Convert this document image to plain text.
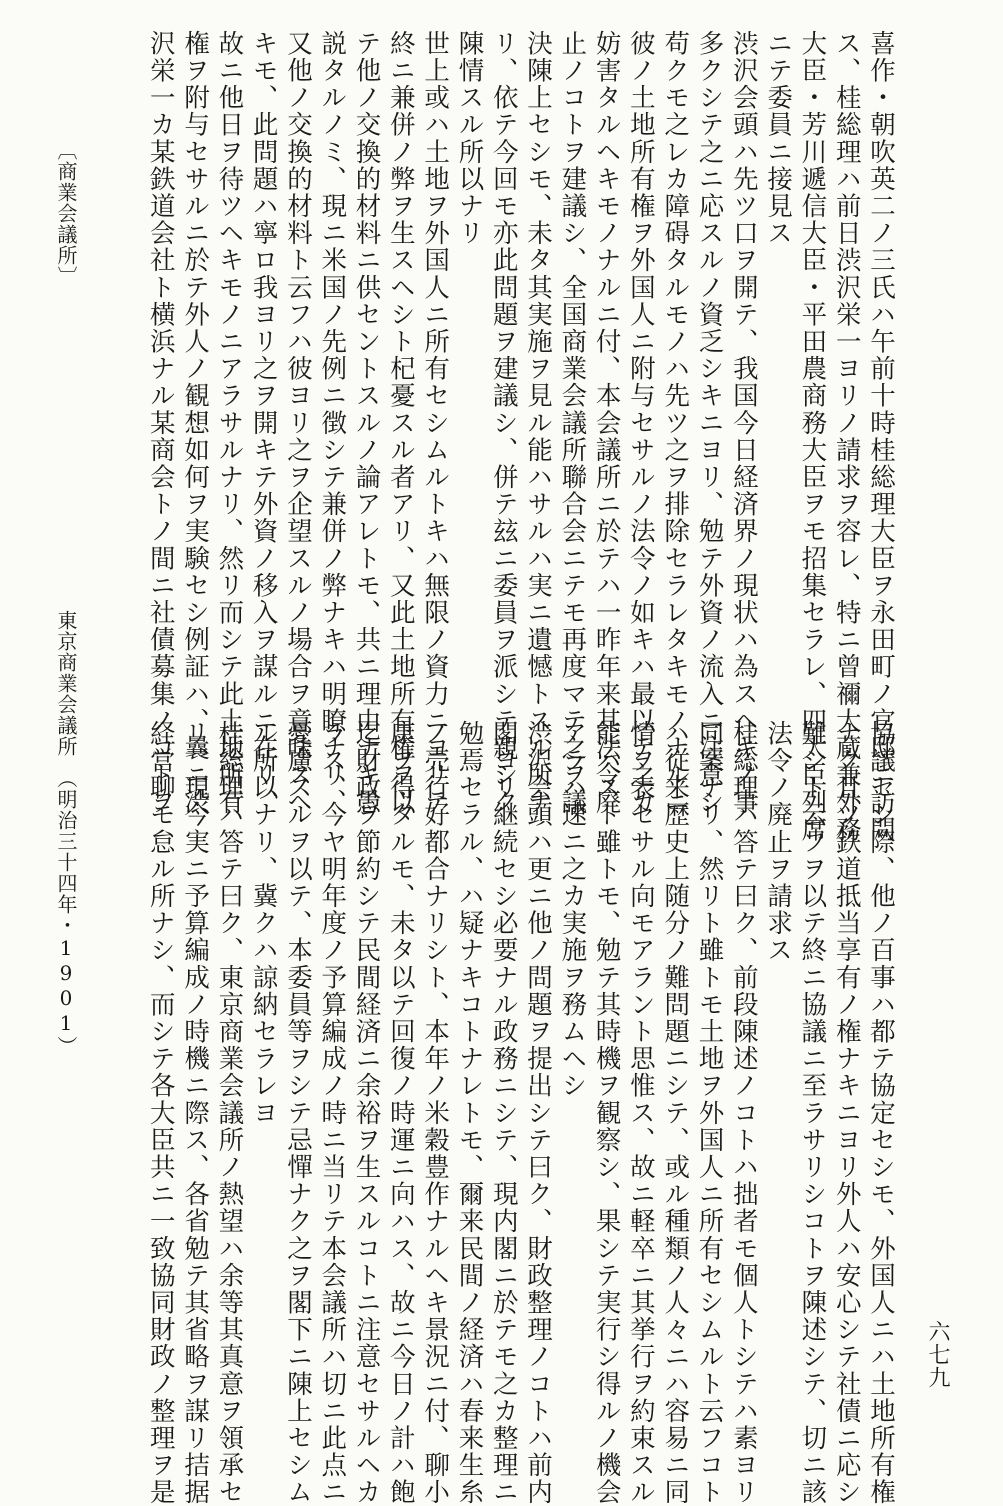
〔商業会議所〕
東京商業会議所　（明治三十四年・1901）	喜作・朝吹英二ノ三氏ハ午前十時桂総理大臣ヲ永田町ノ官邸ニ訪問
ス、桂総理ハ前日渋沢栄一ヨリノ請求ヲ容レ、特ニ曾禰大蔵兼外務
大臣・芳川遞信大臣・平田農商務大臣ヲモ招集セラレ、四大臣列席
ニテ委員ニ接見ス
渋沢会頭ハ先ツ口ヲ開テ、我国今日経済界ノ現状ハ為スヘキノ事
多クシテ之ニ応スルノ資乏シキニヨリ、勉テ外資ノ流入ニ注意シ
苟クモ之レカ障碍タルモノハ先ツ之ヲ排除セラレタキモノナルニ
彼ノ土地所有権ヲ外国人ニ附与セサルノ法令ノ如キハ最以テ之カ
妨害タルヘキモノナルニ付、本会議所ニ於テハ一昨年来其法令廃
止ノコトヲ建議シ、全国商業会議所聯合会ニテモ再度マテ之ヲ議
決陳上セシモ、未タ其実施ヲ見ル能ハサルハ実ニ遺憾トスル所ナ
リ、依テ今回モ亦此問題ヲ建議シ、併テ玆ニ委員ヲ派シテ親シク
陳情スル所以ナリ
世上或ハ土地ヲ外国人ニ所有セシムルトキハ無限ノ資力ニヨリテ
終ニ兼併ノ弊ヲ生スヘシト杞憂スル者アリ、又此土地所有権ヲ以
テ他ノ交換的材料ニ供セントスルノ論アレトモ、共ニ理由ナキ愚
説タルノミ、現ニ米国ノ先例ニ徴シテ兼併ノ弊ナキハ明瞭ナリ、
又他ノ交換的材料ト云フハ彼ヨリ之ヲ企望スルノ場合ヲ意味スヘ
キモ、此問題ハ寧ロ我ヨリ之ヲ開キテ外資ノ移入ヲ謀ルニ在リ、
故ニ他日ヲ待ツヘキモノニアラサルナリ、然リ而シテ此土地所有
権ヲ附与セサルニ於テ外人ノ観想如何ヲ実験セシ例証ハ、曩ニ渋
沢栄一カ某鉄道会社ト横浜ナル某商会トノ間ニ社債募集ノコトヲ
協議セシ際、他ノ百事ハ都テ協定セシモ、外国人ニハ土地所有権
ナク且ツ鉄道抵当享有ノ権ナキニヨリ外人ハ安心シテ社債ニ応シ
難シト云フヲ以テ終ニ協議ニ至ラサリシコトヲ陳述シテ、切ニ該
法令ノ廃止ヲ請求ス
桂総理ハ答テ曰ク、前段陳述ノコトハ拙者モ個人トシテハ素ヨリ
同案ナリ、然リト雖トモ土地ヲ外国人ニ所有セシムルト云フコト
ハ従来歴史上随分ノ難問題ニシテ、或ル種類ノ人々ニハ容易ニ同
情ヲ表セサル向モアラント思惟ス、故ニ軽卒ニ其挙行ヲ約束スル
能ハスト雖トモ、勉テ其時機ヲ観察シ、果シテ実行シ得ルノ機会
アラハ速ニ之カ実施ヲ務ムヘシ
渋沢会頭ハ更ニ他ノ問題ヲ提出シテ曰ク、財政整理ノコトハ前内
閣ヨリ継続セシ必要ナル政務ニシテ、現内閣ニ於テモ之カ整理ニ
勉焉セラル、ハ疑ナキコトナレトモ、爾来民間ノ経済ハ春来生糸
ノ売行好都合ナリシト、本年ノ米穀豊作ナルヘキ景況ニ付、聊小
康ヲ得タルモ、未タ以テ回復ノ時運ニ向ハス、故ニ今日ノ計ハ飽
迄財政ヲ節約シテ民間経済ニ余裕ヲ生スルコトニ注意セサルヘカ
ラス、今ヤ明年度ノ予算編成ノ時ニ当リテ本会議所ハ切ニ此点ニ
憂慮スルヲ以テ、本委員等ヲシテ忌憚ナク之ヲ閣下ニ陳上セシム
ル所以ナリ、冀クハ諒納セラレヨ
桂総理ハ答テ曰ク、東京商業会議所ノ熱望ハ余等其真意ヲ領承セ
リ、現今実ニ予算編成ノ時機ニ際ス、各省勉テ其省略ヲ謀リ拮据
経営聊モ怠ル所ナシ、而シテ各大臣共ニ一致協同財政ノ整理ヲ是	六七九
